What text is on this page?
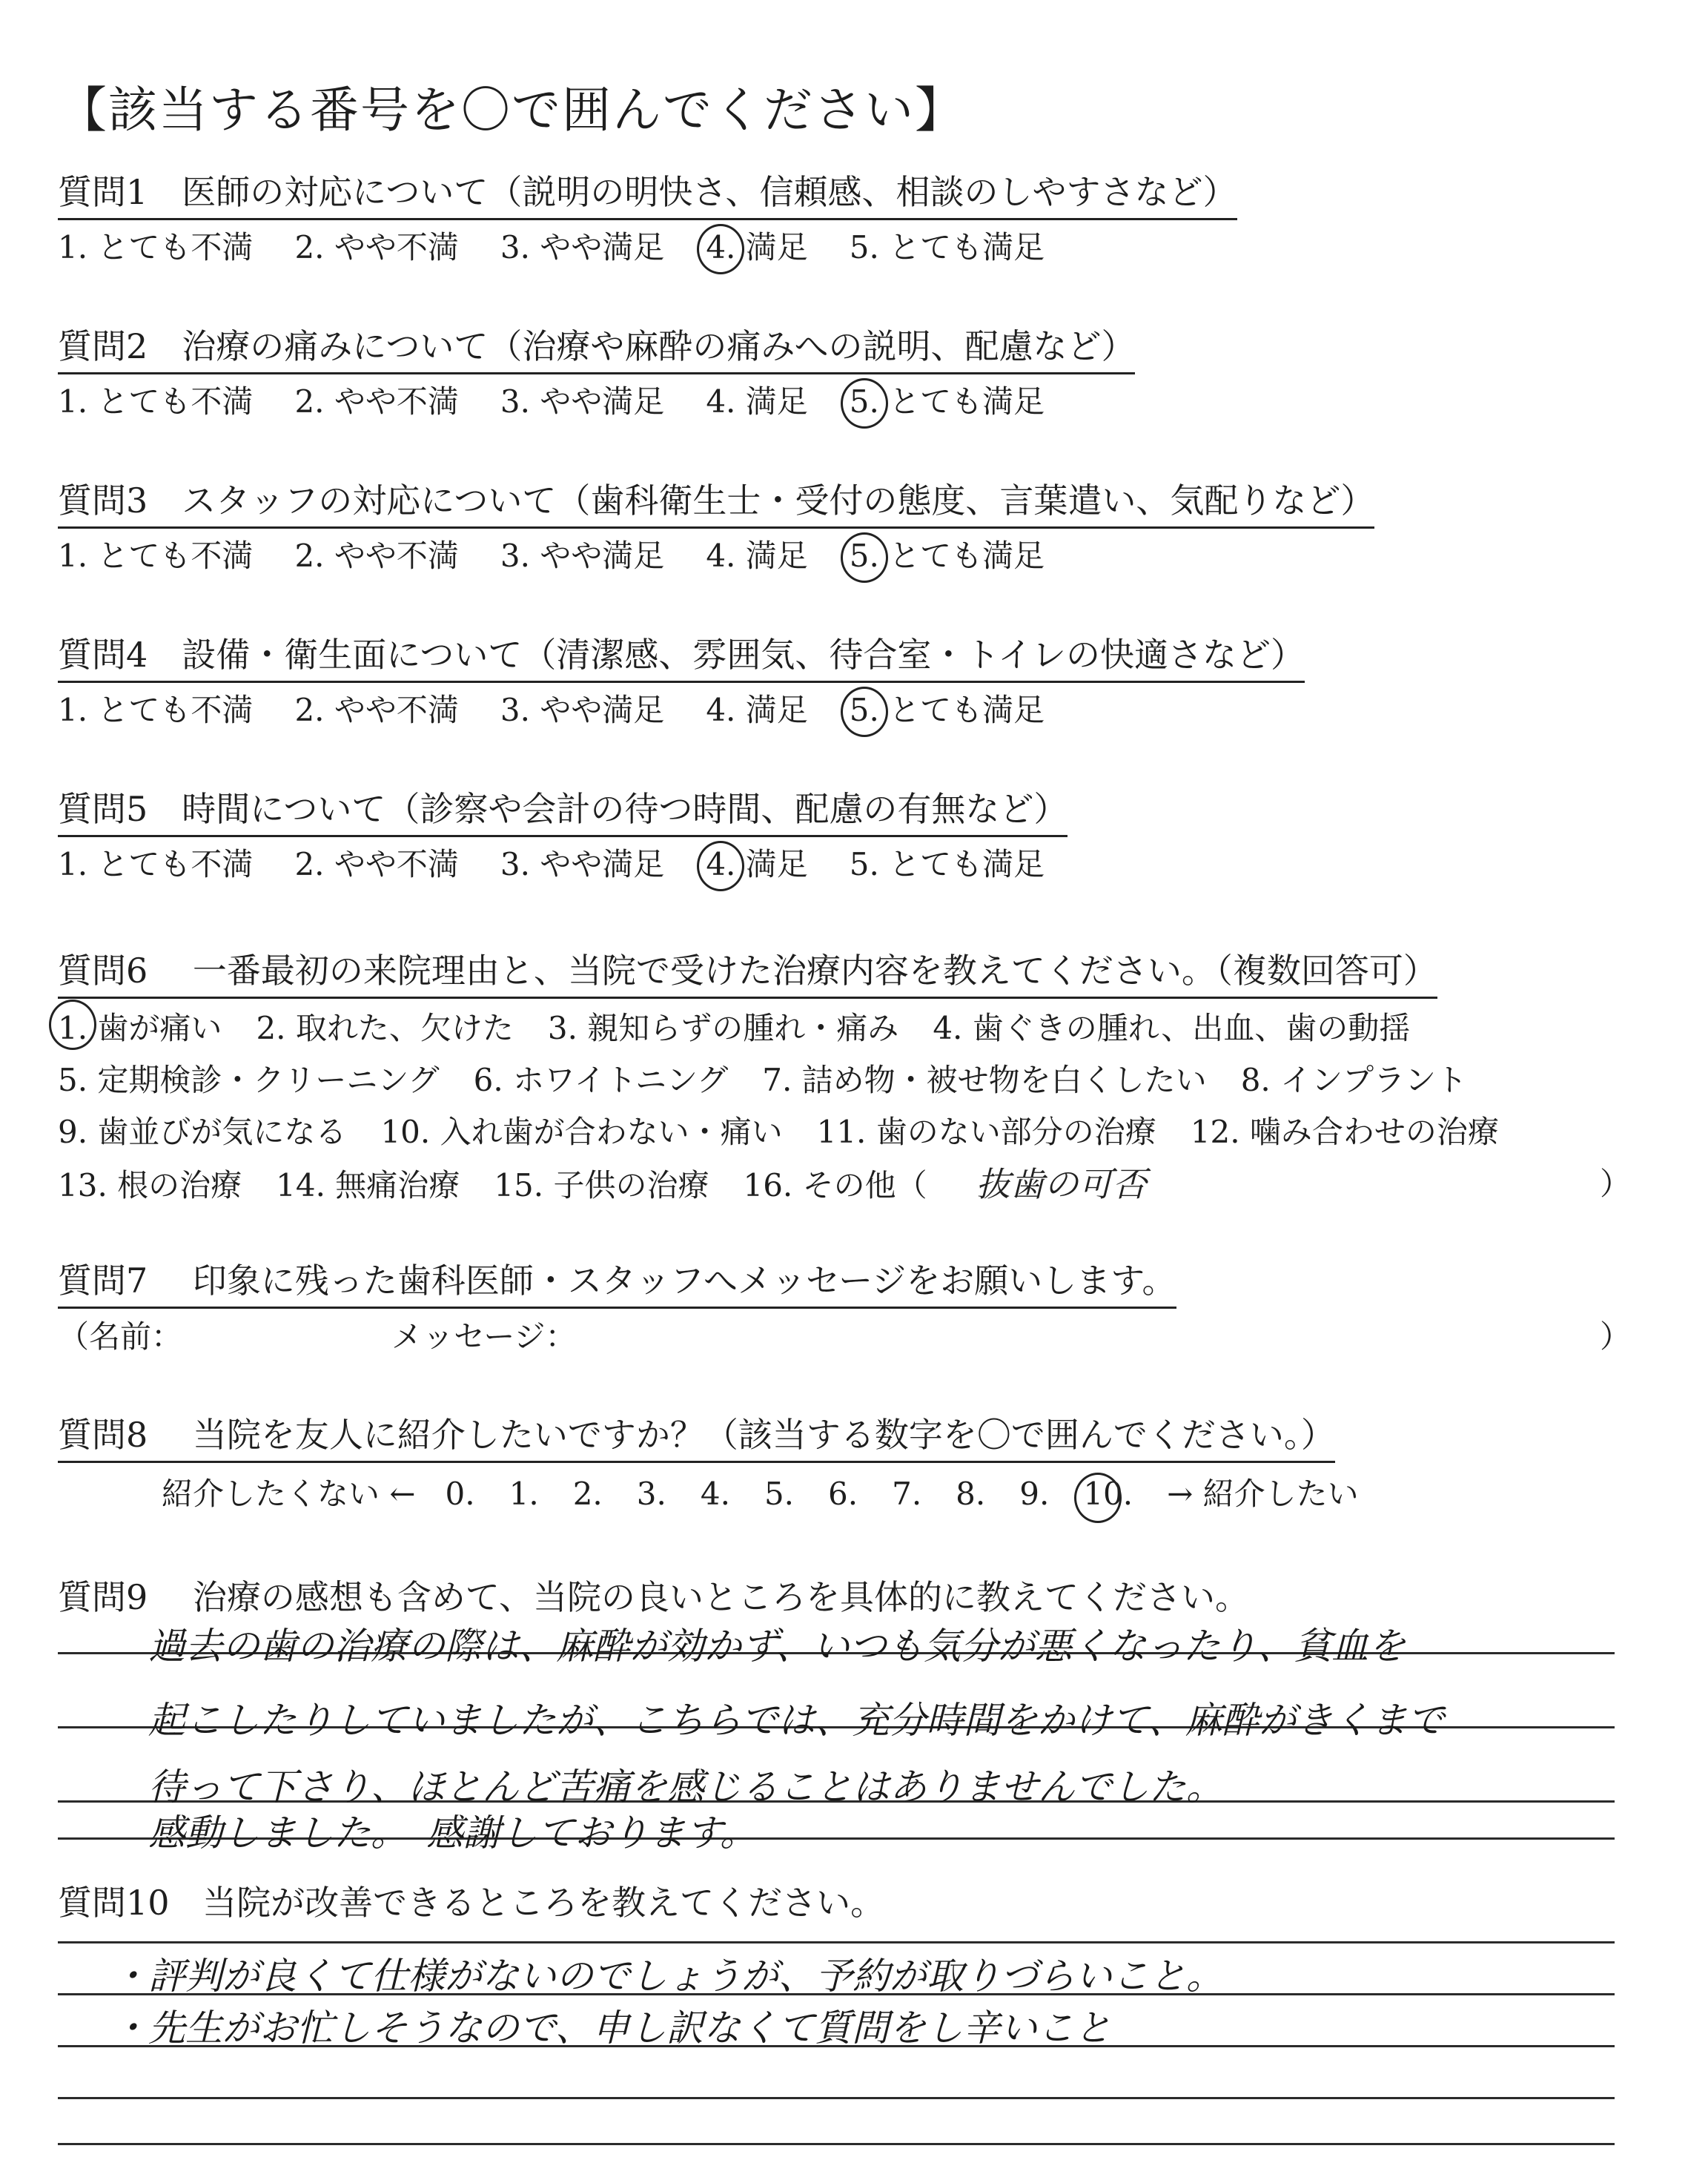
【該当する番号を〇で囲んでください】
質問1 医師の対応について（説明の明快さ、信頼感、相談のしやすさなど）
1. とても不満 2. やや不満 3. やや満足 4. 満足 5. とても満足
質問2 治療の痛みについて（治療や麻酔の痛みへの説明、配慮など）
1. とても不満 2. やや不満 3. やや満足 4. 満足 5. とても満足
質問3 スタッフの対応について（歯科衛生士・受付の態度、言葉遣い、気配りなど）
1. とても不満 2. やや不満 3. やや満足 4. 満足 5. とても満足
質問4 設備・衛生面について（清潔感、雰囲気、待合室・トイレの快適さなど）
1. とても不満 2. やや不満 3. やや満足 4. 満足 5. とても満足
質問5 時間について（診察や会計の待つ時間、配慮の有無など）
1. とても不満 2. やや不満 3. やや満足 4. 満足 5. とても満足
質問6 一番最初の来院理由と、当院で受けた治療内容を教えてください。（複数回答可）
1. 歯が痛い 2. 取れた、欠けた 3. 親知らずの腫れ・痛み 4. 歯ぐきの腫れ、出血、歯の動揺
5. 定期検診・クリーニング 6. ホワイトニング 7. 詰め物・被せ物を白くしたい 8. インプラント
9. 歯並びが気になる 10. 入れ歯が合わない・痛い 11. 歯のない部分の治療 12. 噛み合わせの治療
13. 根の治療 14. 無痛治療 15. 子供の治療 16. その他（ 抜歯の可否	）
質問7 印象に残った歯科医師・スタッフへメッセージをお願いします。
（名前：	メッセージ：	）
質問8 当院を友人に紹介したいですか？（該当する数字を〇で囲んでください。）
紹介したくない ← 0. 1. 2. 3. 4. 5. 6. 7. 8. 9. 10. → 紹介したい
質問9 治療の感想も含めて、当院の良いところを具体的に教えてください。
過去の歯の治療の際は、麻酔が効かず、いつも気分が悪くなったり、貧血を
起こしたりしていましたが、こちらでは、充分時間をかけて、麻酔がきくまで
待って下さり、ほとんど苦痛を感じることはありませんでした。
感動しました。　感謝しております。
質問10 当院が改善できるところを教えてください。
・評判が良くて仕様がないのでしょうが、予約が取りづらいこと。
・先生がお忙しそうなので、申し訳なくて質問をし辛いこと
